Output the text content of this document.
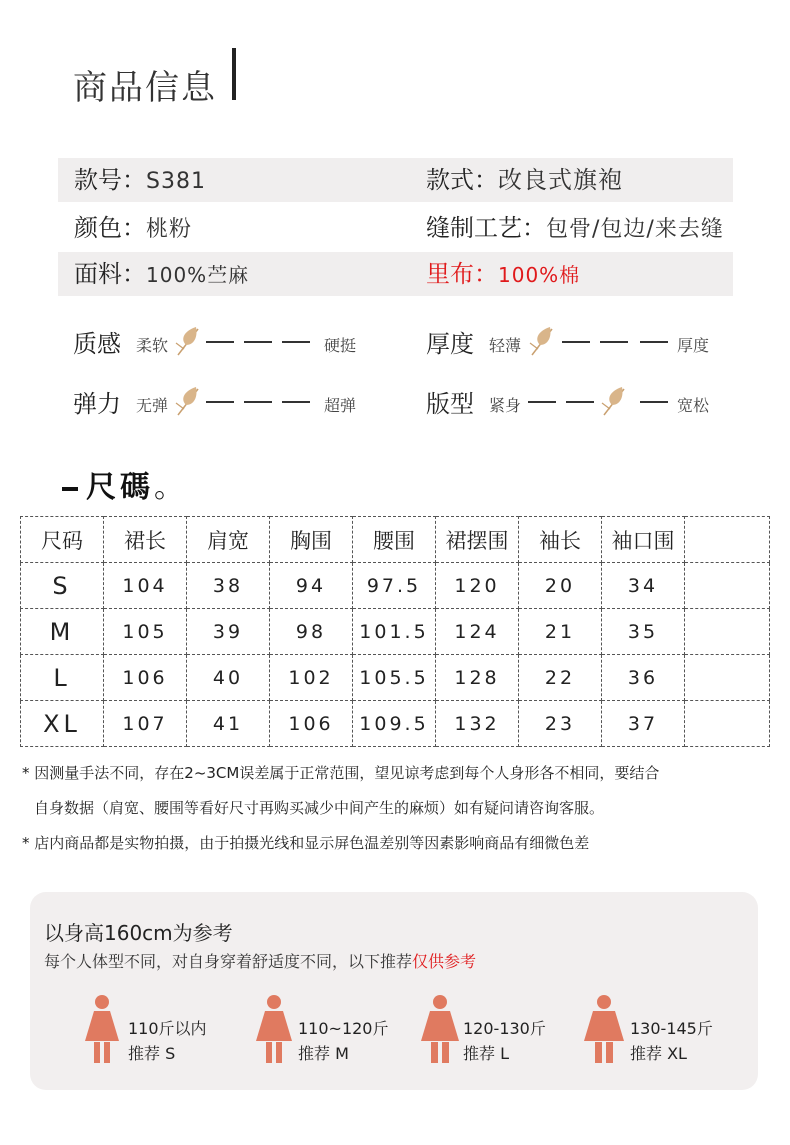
商品信息
款号：S381	款式：改良式旗袍
颜色：桃粉	缝制工艺：包骨/包边/来去缝
面料：100%苎麻	里布：100%棉
质感 柔软	硬挺	厚度 轻薄	厚度
弹力 无弹	超弹	版型 紧身	宽松
尺碼。
尺码	裙长	肩宽	胸围	腰围	裙摆围	袖长	袖口围	
S	104	38	94	97.5	120	20	34	
M	105	39	98	101.5	124	21	35	
L	106	40	102	105.5	128	22	36	
XL	107	41	106	109.5	132	23	37	
* 因测量手法不同，存在2~3CM误差属于正常范围，望见谅考虑到每个人身形各不相同，要结合
自身数据（肩宽、腰围等看好尺寸再购买减少中间产生的麻烦）如有疑问请咨询客服。
* 店内商品都是实物拍摄，由于拍摄光线和显示屏色温差别等因素影响商品有细微色差
以身高160cm为参考
每个人体型不同，对自身穿着舒适度不同，以下推荐仅供参考
110斤以内
推荐 S
110~120斤
推荐 M
120-130斤
推荐 L
130-145斤
推荐 XL
